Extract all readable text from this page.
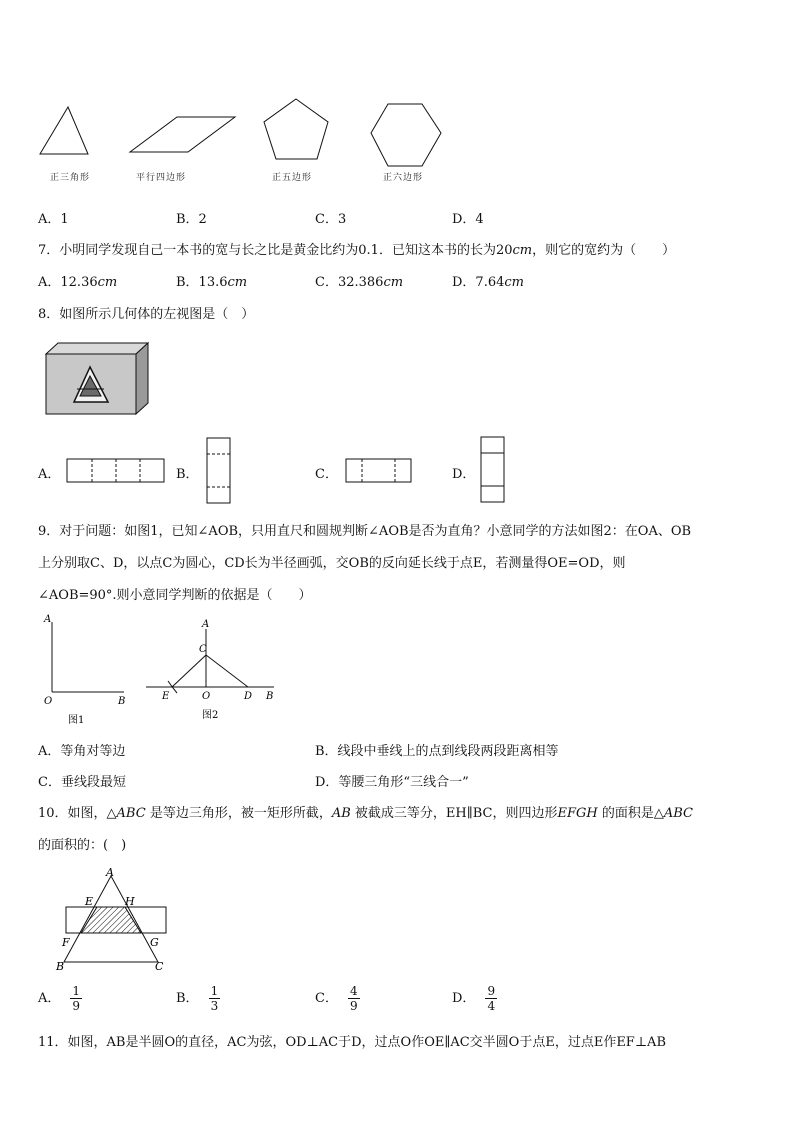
正三角形	平行四边形	正五边形	正六边形
A．1	B．2	C．3	D．4
7．小明同学发现自己一本书的宽与长之比是黄金比约为0.1．已知这本书的长为20cm，则它的宽约为（　　）
A．12.36cm	B．13.6cm	C．32.386cm	D．7.64cm
8．如图所示几何体的左视图是（　）
A．	B．	C．	D．
9．对于问题：如图1，已知∠AOB，只用直尺和圆规判断∠AOB是否为直角？小意同学的方法如图2：在OA、OB
上分别取C、D，以点C为圆心，CD长为半径画弧，交OB的反向延长线于点E，若测量得OE=OD，则
∠AOB=90°.则小意同学判断的依据是（　　）
A
O	B
图1
A
C
E	O	D B
图2
A．等角对等边	B．线段中垂线上的点到线段两段距离相等
C．垂线段最短	D．等腰三角形“三线合一”
10．如图，△ABC 是等边三角形，被一矩形所截，AB 被截成三等分，EH∥BC，则四边形EFGH 的面积是△ABC
的面积的：(　)
A
E	H
F	G
B	C
A． $\frac{1}{9}$	B． $\frac{1}{3}$	C． $\frac{4}{9}$	D． $\frac{9}{4}$
11．如图，AB是半圆O的直径，AC为弦，OD⊥AC于D，过点O作OE∥AC交半圆O于点E，过点E作EF⊥AB
